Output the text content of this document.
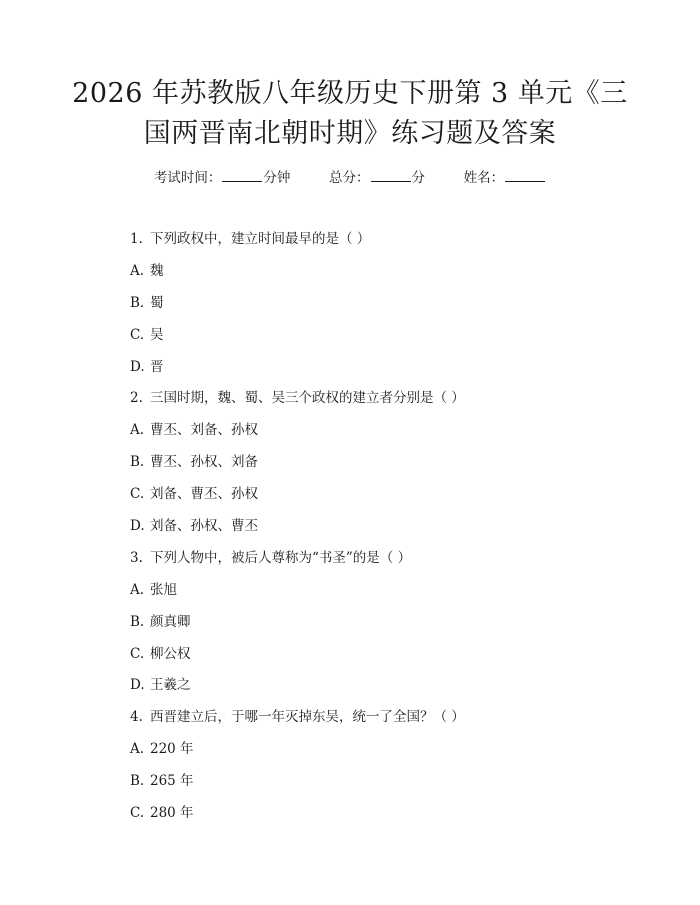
2026 年苏教版八年级历史下册第 3 单元《三
国两晋南北朝时期》练习题及答案
考试时间：	分钟	总分：	分	姓名：
1. 下列政权中，建立时间最早的是（ ）
A. 魏
B. 蜀
C. 吴
D. 晋
2. 三国时期，魏、蜀、吴三个政权的建立者分别是（ ）
A. 曹丕、刘备、孙权
B. 曹丕、孙权、刘备
C. 刘备、曹丕、孙权
D. 刘备、孙权、曹丕
3. 下列人物中，被后人尊称为“书圣”的是（ ）
A. 张旭
B. 颜真卿
C. 柳公权
D. 王羲之
4. 西晋建立后，于哪一年灭掉东吴，统一了全国？（ ）
A. 220 年
B. 265 年
C. 280 年
